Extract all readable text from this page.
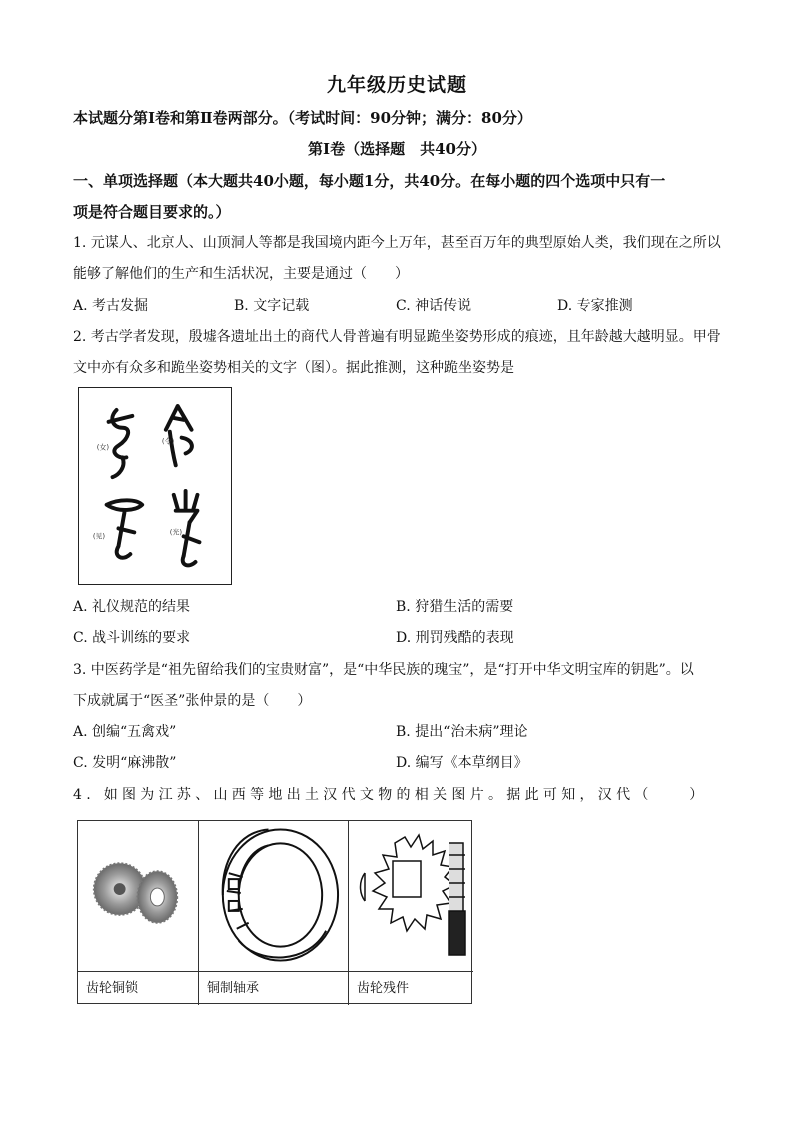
九年级历史试题
本试题分第Ⅰ卷和第Ⅱ卷两部分。（考试时间：90分钟；满分：80分）
第Ⅰ卷（选择题　共40分）
一、单项选择题（本大题共40小题，每小题1分，共40分。在每小题的四个选项中只有一
项是符合题目要求的。）
1. 元谋人、北京人、山顶洞人等都是我国境内距今上万年，甚至百万年的典型原始人类，我们现在之所以
能够了解他们的生产和生活状况，主要是通过（　　）
A. 考古发掘	B. 文字记载	C. 神话传说	D. 专家推测
2. 考古学者发现，殷墟各遗址出土的商代人骨普遍有明显跪坐姿势形成的痕迹，且年龄越大越明显。甲骨
文中亦有众多和跪坐姿势相关的文字（图）。据此推测，这种跪坐姿势是
(女)
(令)
(见)	(光)
A. 礼仪规范的结果	B. 狩猎生活的需要
C. 战斗训练的要求	D. 刑罚残酷的表现
3. 中医药学是“祖先留给我们的宝贵财富”，是“中华民族的瑰宝”，是“打开中华文明宝库的钥匙”。以
下成就属于“医圣”张仲景的是（　　）
A. 创编“五禽戏”	B. 提出“治未病”理论
C. 发明“麻沸散”	D. 编写《本草纲目》
4. 如图为江苏、山西等地出土汉代文物的相关图片。据此可知，汉代（　　）
齿轮铜锁	铜制轴承	齿轮残件
